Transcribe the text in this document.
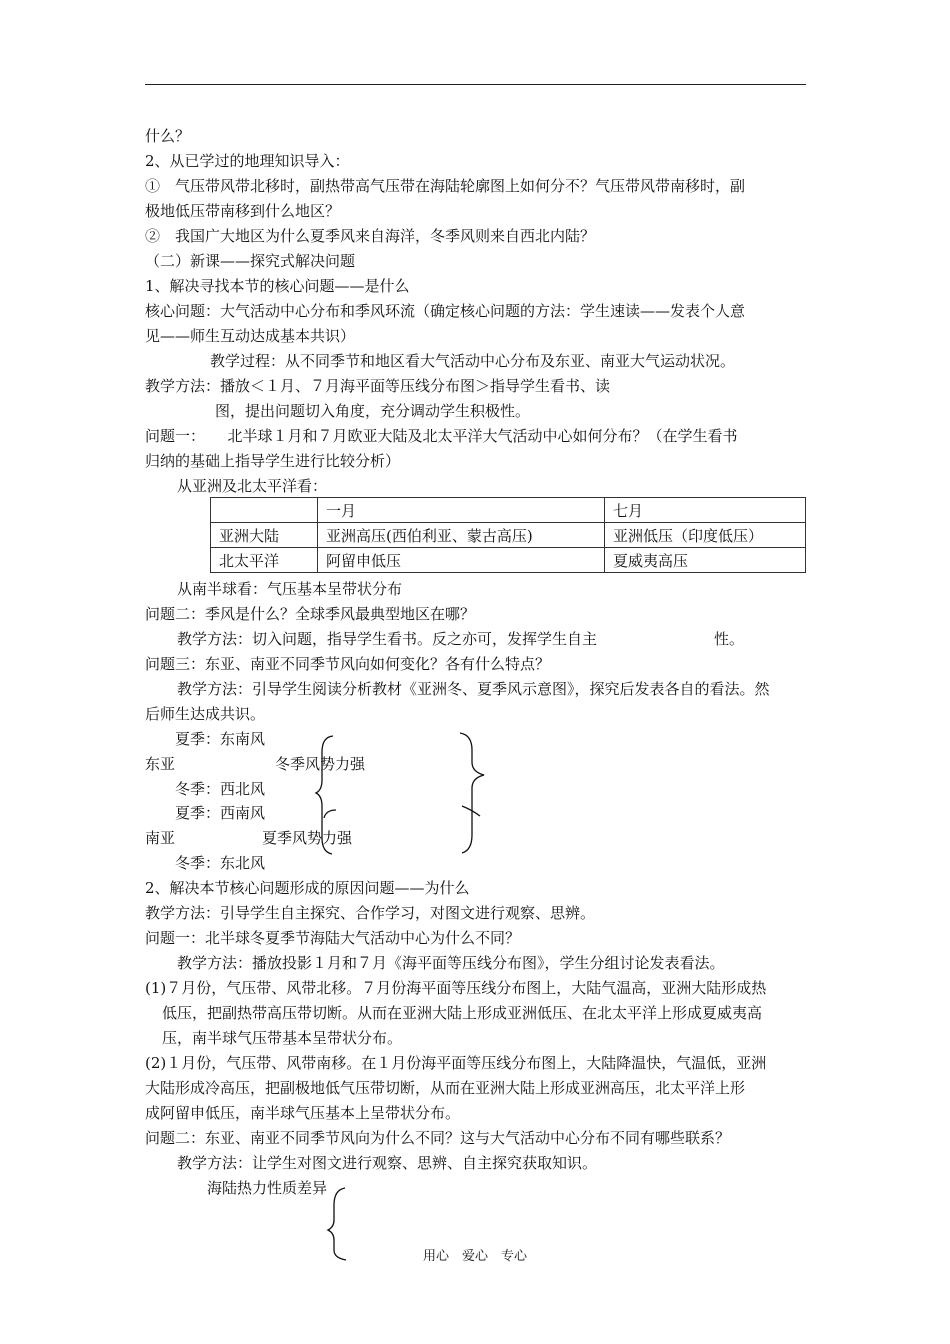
什么？
2、从已学过的地理知识导入：
①　气压带风带北移时，副热带高气压带在海陆轮廓图上如何分不？气压带风带南移时，副
极地低压带南移到什么地区？
②　我国广大地区为什么夏季风来自海洋，冬季风则来自西北内陆？
（二）新课——探究式解决问题
1、解决寻找本节的核心问题——是什么
核心问题：大气活动中心分布和季风环流（确定核心问题的方法：学生速读——发表个人意
见——师生互动达成基本共识）
教学过程：从不同季节和地区看大气活动中心分布及东亚、南亚大气运动状况。
教学方法：播放＜１月、７月海平面等压线分布图＞指导学生看书、读
图，提出问题切入角度，充分调动学生积极性。
问题一：　　北半球１月和７月欧亚大陆及北太平洋大气活动中心如何分布？（在学生看书
归纳的基础上指导学生进行比较分析）
从亚洲及北太平洋看：
	一月	七月
亚洲大陆	亚洲高压(西伯利亚、蒙古高压)	亚洲低压（印度低压）
北太平洋	阿留申低压	夏威夷高压
从南半球看：气压基本呈带状分布
问题二：季风是什么？全球季风最典型地区在哪？
教学方法：切入问题，指导学生看书。反之亦可，发挥学生自主	性。
问题三：东亚、南亚不同季节风向如何变化？各有什么特点？
教学方法：引导学生阅读分析教材《亚洲冬、夏季风示意图》，探究后发表各自的看法。然
后师生达成共识。
夏季：东南风
东亚	冬季风势力强
冬季：西北风
夏季：西南风
南亚	夏季风势力强
冬季：东北风
2、解决本节核心问题形成的原因问题——为什么
教学方法：引导学生自主探究、合作学习，对图文进行观察、思辨。
问题一：北半球冬夏季节海陆大气活动中心为什么不同？
教学方法：播放投影１月和７月《海平面等压线分布图》，学生分组讨论发表看法。
(1)７月份，气压带、风带北移。７月份海平面等压线分布图上，大陆气温高，亚洲大陆形成热
低压，把副热带高压带切断。从而在亚洲大陆上形成亚洲低压、在北太平洋上形成夏威夷高
压，南半球气压带基本呈带状分布。
(2)１月份，气压带、风带南移。在１月份海平面等压线分布图上，大陆降温快，气温低，亚洲
大陆形成冷高压，把副极地低气压带切断，从而在亚洲大陆上形成亚洲高压，北太平洋上形
成阿留申低压，南半球气压基本上呈带状分布。
问题二：东亚、南亚不同季节风向为什么不同？这与大气活动中心分布不同有哪些联系？
教学方法：让学生对图文进行观察、思辨、自主探究获取知识。
海陆热力性质差异
用心　爱心　专心
